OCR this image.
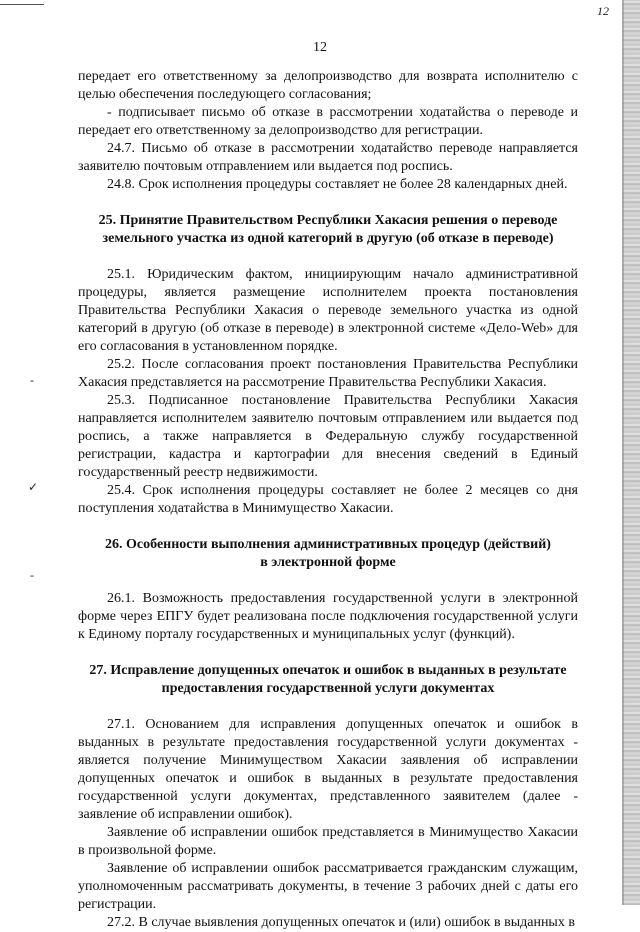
12
12
-
✓
-

передает его ответственному за делопроизводство для возврата исполнителю с целью обеспечения последующего согласования;

- подписывает письмо об отказе в рассмотрении ходатайства о переводе и передает его ответственному за делопроизводство для регистрации.

24.7. Письмо об отказе в рассмотрении ходатайство переводе направляется заявителю почтовым отправлением или выдается под роспись.

24.8. Срок исполнения процедуры составляет не более 28 календарных дней.

25. Принятие Правительством Республики Хакасия решения о переводе
земельного участка из одной категорий в другую (об отказе в переводе)

25.1. Юридическим фактом, инициирующим начало административной процедуры, является размещение исполнителем проекта постановления Правительства Республики Хакасия о переводе земельного участка из одной категорий в другую (об отказе в переводе) в электронной системе «Дело-Web» для его согласования в установленном порядке.

25.2. После согласования проект постановления Правительства Республики Хакасия представляется на рассмотрение Правительства Республики Хакасия.

25.3. Подписанное постановление Правительства Республики Хакасия направляется исполнителем заявителю почтовым отправлением или выдается под роспись, а также направляется в Федеральную службу государственной регистрации, кадастра и картографии для внесения сведений в Единый государственный реестр недвижимости.

25.4. Срок исполнения процедуры составляет не более 2 месяцев со дня поступления ходатайства в Минимущество Хакасии.

26. Особенности выполнения административных процедур (действий)
в электронной форме

26.1. Возможность предоставления государственной услуги в электронной форме через ЕПГУ будет реализована после подключения государственной услуги к Единому порталу государственных и муниципальных услуг (функций).

27. Исправление допущенных опечаток и ошибок в выданных в результате
предоставления государственной услуги документах

27.1. Основанием для исправления допущенных опечаток и ошибок в выданных в результате предоставления государственной услуги документах - является получение Минимуществом Хакасии заявления об исправлении допущенных опечаток и ошибок в выданных в результате предоставления государственной услуги документах, представленного заявителем (далее - заявление об исправлении ошибок).

Заявление об исправлении ошибок представляется в Минимущество Хакасии в произвольной форме.

Заявление об исправлении ошибок рассматривается гражданским служащим, уполномоченным рассматривать документы, в течение 3 рабочих дней с даты его регистрации.

27.2. В случае выявления допущенных опечаток и (или) ошибок в выданных в
